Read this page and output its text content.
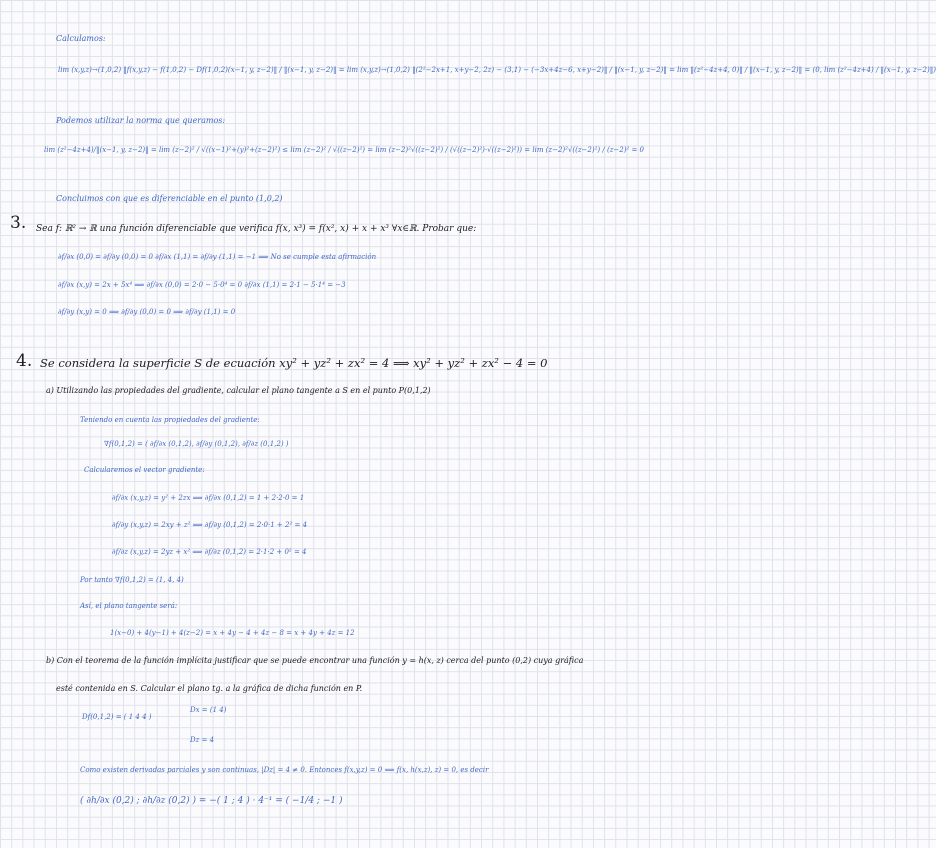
Calculamos:
lim (x,y,z)→(1,0,2) ‖f(x,y,z) − f(1,0,2) − Df(1,0,2)(x−1, y, z−2)‖ / ‖(x−1, y, z−2)‖ = lim (x,y,z)→(1,0,2) ‖(2²−2x+1, x+y−2, 2z) − (3,1) − (−3x+4z−6, x+y−2)‖ / ‖(x−1, y, z−2)‖ = lim ‖(z²−4z+4, 0)‖ / ‖(x−1, y, z−2)‖ = (0, lim (z²−4z+4) / ‖(x−1, y, z−2)‖)
Podemos utilizar la norma que queramos:
lim (z²−4z+4)/‖(x−1, y, z−2)‖ = lim (z−2)² / √((x−1)²+(y)²+(z−2)²) ≤ lim (z−2)² / √((z−2)²) = lim (z−2)²√((z−2)²) / (√((z−2)²)·√((z−2)²)) = lim (z−2)²√((z−2)²) / (z−2)² = 0
Concluimos con que es diferenciable en el punto (1,0,2)
3. Sea f: ℝ² → ℝ una función diferenciable que verifica f(x, x³) = f(x², x) + x + x³ ∀x∈ℝ. Probar que:
∂f/∂x (0,0) = ∂f/∂y (0,0) = 0 ∂f/∂x (1,1) = ∂f/∂y (1,1) = −1 ⟹ No se cumple esta afirmación
∂f/∂x (x,y) = 2x + 5x⁴ ⟹ ∂f/∂x (0,0) = 2·0 − 5·0⁴ = 0 ∂f/∂x (1,1) = 2·1 − 5·1⁴ = −3
∂f/∂y (x,y) = 0 ⟹ ∂f/∂y (0,0) = 0 ⟹ ∂f/∂y (1,1) = 0
4. Se considera la superficie S de ecuación xy² + yz² + zx² = 4 ⟹ xy² + yz² + zx² − 4 = 0
a) Utilizando las propiedades del gradiente, calcular el plano tangente a S en el punto P(0,1,2)
Teniendo en cuenta las propiedades del gradiente:
∇f(0,1,2) = ( ∂f/∂x (0,1,2), ∂f/∂y (0,1,2), ∂f/∂z (0,1,2) )
Calcularemos el vector gradiente:
∂f/∂x (x,y,z) = y² + 2zx ⟹ ∂f/∂x (0,1,2) = 1 + 2·2·0 = 1
∂f/∂y (x,y,z) = 2xy + z² ⟹ ∂f/∂y (0,1,2) = 2·0·1 + 2² = 4
∂f/∂z (x,y,z) = 2yz + x² ⟹ ∂f/∂z (0,1,2) = 2·1·2 + 0² = 4
Por tanto ∇f(0,1,2) = (1, 4, 4)
Así, el plano tangente será:
1(x−0) + 4(y−1) + 4(z−2) = x + 4y − 4 + 4z − 8 = x + 4y + 4z = 12
b) Con el teorema de la función implícita justificar que se puede encontrar una función y = h(x, z) cerca del punto (0,2) cuya gráfica
esté contenida en S. Calcular el plano tg. a la gráfica de dicha función en P.
Df(0,1,2) = ( 1 4 4 )
Dx = (1 4)
Dz = 4
Como existen derivadas parciales y son continuas, |Dz| = 4 ≠ 0. Entonces f(x,y,z) = 0 ⟺ f(x, h(x,z), z) = 0, es decir
( ∂h/∂x (0,2) ; ∂h/∂z (0,2) ) = −( 1 ; 4 ) · 4⁻¹ = ( −1/4 ; −1 )
